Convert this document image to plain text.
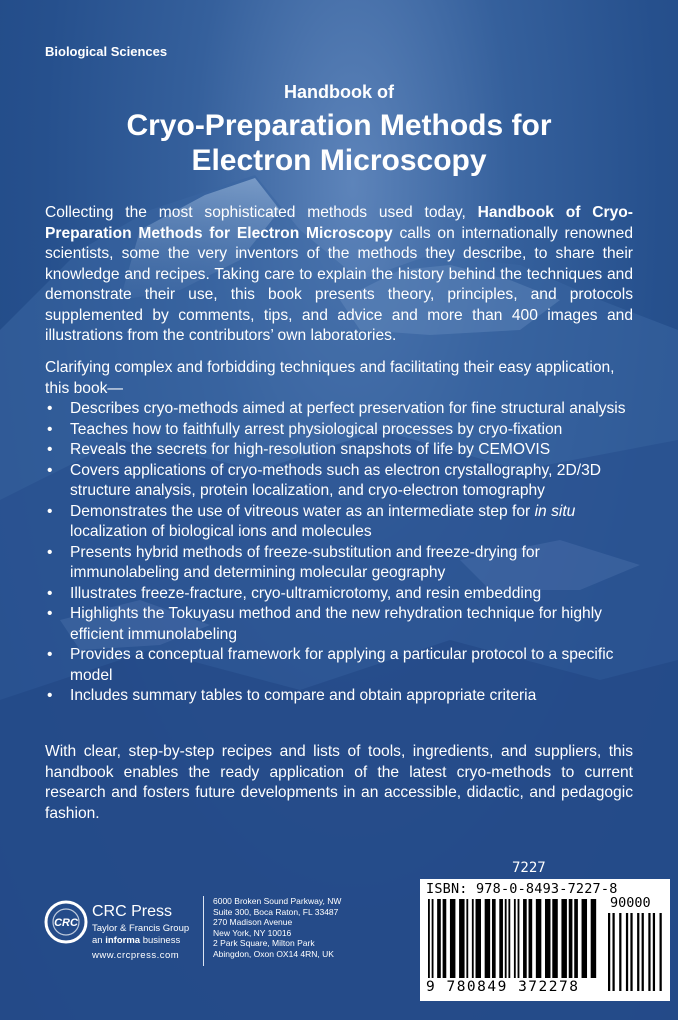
Biological Sciences
Handbook of
Cryo-Preparation Methods for
Electron Microscopy
Collecting the most sophisticated methods used today, Handbook of Cryo-Preparation Methods for Electron Microscopy calls on internationally renowned scientists, some the very inventors of the methods they describe, to share their knowledge and recipes. Taking care to explain the history behind the techniques and demonstrate their use, this book presents theory, principles, and protocols supplemented by comments, tips, and advice and more than 400 images and illustrations from the contributors’ own laboratories.
Clarifying complex and forbidding techniques and facilitating their easy application, this book—
• Describes cryo-methods aimed at perfect preservation for fine structural analysis
• Teaches how to faithfully arrest physiological processes by cryo-fixation
• Reveals the secrets for high-resolution snapshots of life by CEMOVIS
• Covers applications of cryo-methods such as electron crystallography, 2D/3D structure analysis, protein localization, and cryo-electron tomography
• Demonstrates the use of vitreous water as an intermediate step for in situ localization of biological ions and molecules
• Presents hybrid methods of freeze-substitution and freeze-drying for immunolabeling and determining molecular geography
• Illustrates freeze-fracture, cryo-ultramicrotomy, and resin embedding
• Highlights the Tokuyasu method and the new rehydration technique for highly efficient immunolabeling
• Provides a conceptual framework for applying a particular protocol to a specific model
• Includes summary tables to compare and obtain appropriate criteria
With clear, step-by-step recipes and lists of tools, ingredients, and suppliers, this handbook enables the ready application of the latest cryo-methods to current research and fosters future developments in an accessible, didactic, and pedagogic fashion.
CRC
CRC Press
Taylor & Francis Group
an informa business
www.crcpress.com
6000 Broken Sound Parkway, NW
Suite 300, Boca Raton, FL 33487
270 Madison Avenue
New York, NY 10016
2 Park Square, Milton Park
Abingdon, Oxon OX14 4RN, UK
7227
ISBN: 978-0-8493-7227-8
90000
9 780849 372278
